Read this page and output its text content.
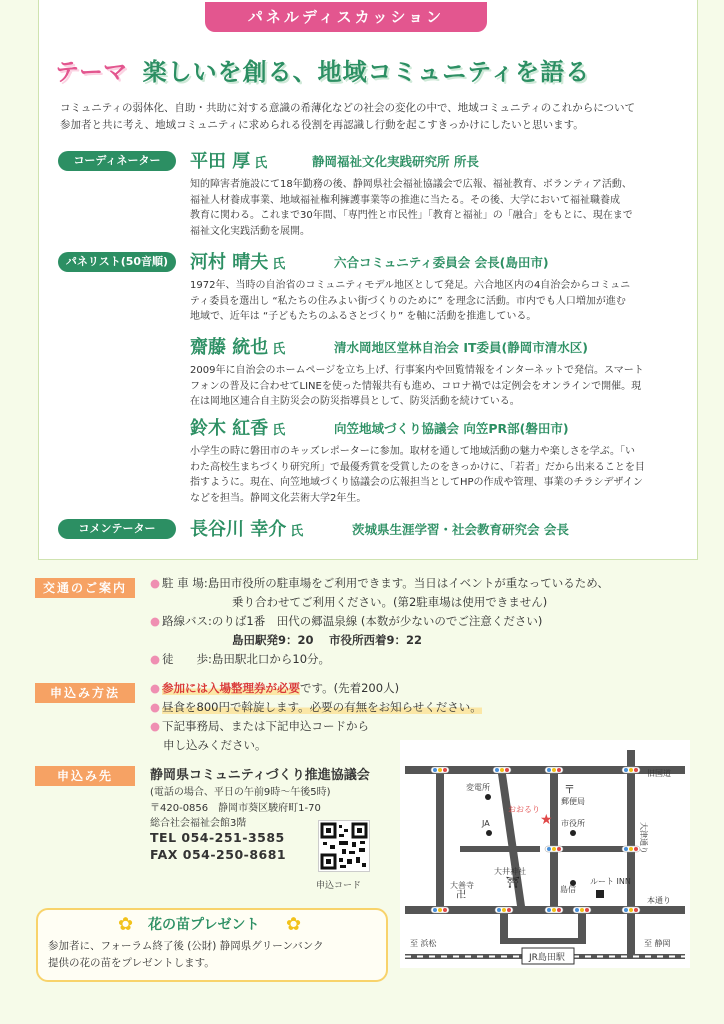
パネルディスカッション
テーマ 楽しいを創る、地域コミュニティを語る
コミュニティの弱体化、自助・共助に対する意識の希薄化などの社会の変化の中で、地域コミュニティのこれからについて
参加者と共に考え、地域コミュニティに求められる役割を再認識し行動を起こすきっかけにしたいと思います。
コーディネーター	平田 厚 氏	静岡福祉文化実践研究所 所長
知的障害者施設にて18年勤務の後、静岡県社会福祉協議会で広報、福祉教育、ボランティア活動、
福祉人材養成事業、地域福祉権利擁護事業等の推進に当たる。その後、大学において福祉職養成
教育に関わる。これまで30年間、「専門性と市民性」「教育と福祉」の「融合」をもとに、現在まで
福祉文化実践活動を展開。
パネリスト(50音順)	河村 晴夫 氏	六合コミュニティ委員会 会長(島田市)
1972年、当時の自治省のコミュニティモデル地区として発足。六合地区内の4自治会からコミュニ
ティ委員を選出し “私たちの住みよい街づくりのために” を理念に活動。市内でも人口増加が進む
地域で、近年は “子どもたちのふるさとづくり” を軸に活動を推進している。
齋藤 統也 氏	清水岡地区堂林自治会 IT委員(静岡市清水区)
2009年に自治会のホームページを立ち上げ、行事案内や回覧情報をインターネットで発信。スマート
フォンの普及に合わせてLINEを使った情報共有も進め、コロナ禍では定例会をオンラインで開催。現
在は岡地区連合自主防災会の防災指導員として、防災活動を続けている。
鈴木 紅香 氏	向笠地域づくり協議会 向笠PR部(磐田市)
小学生の時に磐田市のキッズレポーターに参加。取材を通して地域活動の魅力や楽しさを学ぶ。「い
わた高校生まちづくり研究所」で最優秀賞を受賞したのをきっかけに、「若者」だから出来ることを目
指すように。現在、向笠地域づくり協議会の広報担当としてHPの作成や管理、事業のチラシデザイン
などを担当。静岡文化芸術大学2年生。
コメンテーター	長谷川 幸介 氏	茨城県生涯学習・社会教育研究会 会長
交通のご案内	● 駐 車 場:島田市役所の駐車場をご利用できます。当日はイベントが重なっているため、
乗り合わせてご利用ください。(第2駐車場は使用できません)
● 路線バス:のりば1番　田代の郷温泉線 (本数が少ないのでご注意ください)
島田駅発9：20　 市役所西着9：22
● 徒　　歩:島田駅北口から10分。
申込み方法	● 参加には入場整理券が必要です。(先着200人)
● 昼食を800円で斡旋します。必要の有無をお知らせください。
● 下記事務局、または下記申込コードから
申し込みください。
申込み先	静岡県コミュニティづくり推進協議会
(電話の場合、平日の午前9時～午後5時)
〒420-0856　静岡市葵区駿府町1-70
総合社会福祉会館3階
TEL 054-251-3585
FAX 054-250-8681
申込コード
✿ 花の苗プレゼント ✿
参加者に、フォーラム終了後 (公財) 静岡県グリーンバンク
提供の花の苗をプレゼントします。
★
〒
⛩
卍
旧国道
大津通り
本通り
変電所
郵便局
JA
おおるり
市役所
大井神社
大善寺	島信
ルート INN
至 浜松	至 静岡
JR島田駅
